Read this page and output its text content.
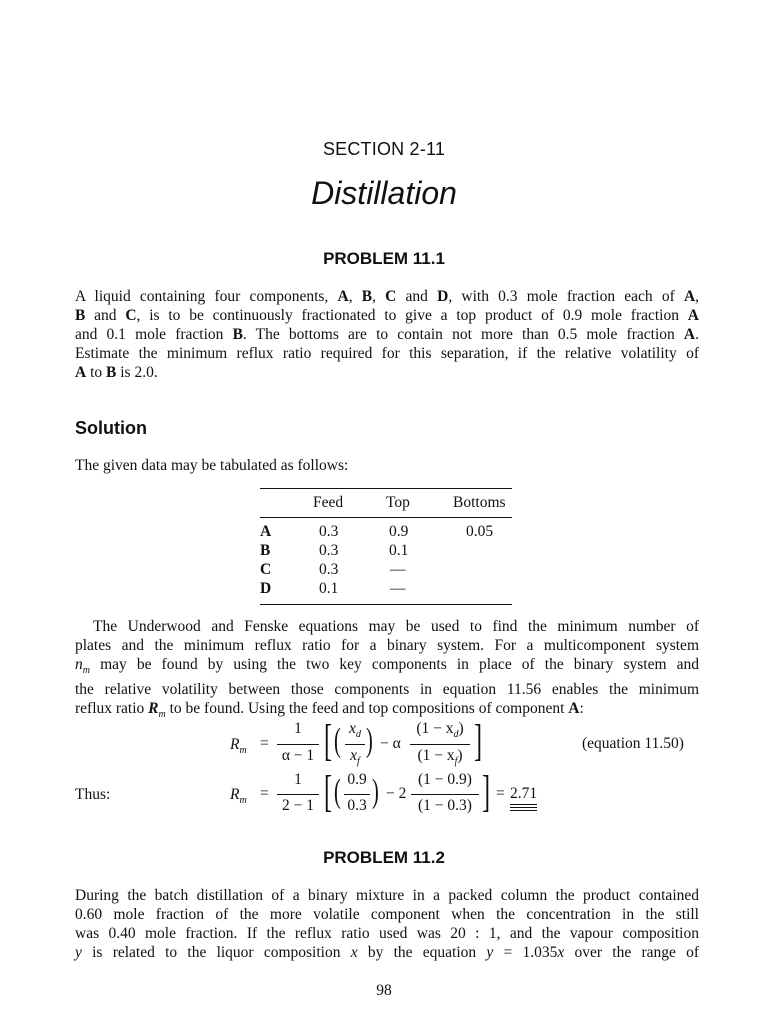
SECTION 2-11
Distillation
PROBLEM 11.1
A liquid containing four components, A, B, C and D, with 0.3 mole fraction each of A,
B and C, is to be continuously fractionated to give a top product of 0.9 mole fraction A
and 0.1 mole fraction B. The bottoms are to contain not more than 0.5 mole fraction A.
Estimate the minimum reflux ratio required for this separation, if the relative volatility of
A to B is 2.0.
Solution
The given data may be tabulated as follows:
Feed	Top	Bottoms
A	0.3	0.9	0.05
B	0.3	0.1
C	0.3	—
D	0.1	—
The Underwood and Fenske equations may be used to find the minimum number of
plates and the minimum reflux ratio for a binary system. For a multicomponent system
$n_m$ may be found by using the two key components in place of the binary system and
the relative volatility between those components in equation 11.56 enables the minimum
reflux ratio $R_m$ to be found. Using the feed and top compositions of component A:
$R_m$ =
1
α − 1 [ ( $x_d$
$x_f$
) − α
$(1 - x_d)$
$(1 - x_f)$ ]	(equation 11.50)
Thus:	$R_m$ =
1
2 − 1 [ ( 0.9
0.3 ) − 2
(1 − 0.9)
(1 − 0.3) ] = 2.71
PROBLEM 11.2
During the batch distillation of a binary mixture in a packed column the product contained
0.60 mole fraction of the more volatile component when the concentration in the still
was 0.40 mole fraction. If the reflux ratio used was 20 : 1, and the vapour composition
y is related to the liquor composition x by the equation y = 1.035x over the range of
98
